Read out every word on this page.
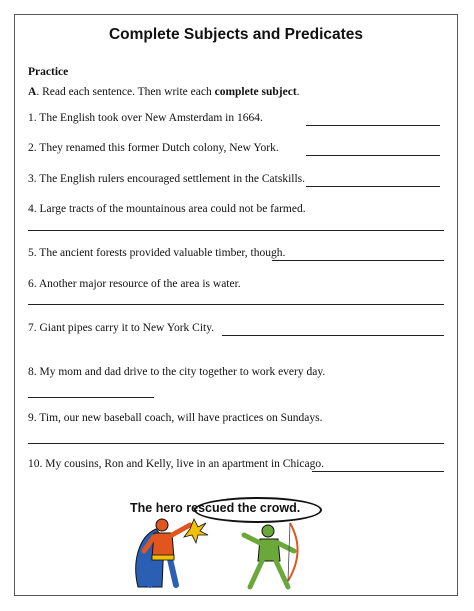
Complete Subjects and Predicates
Practice
A. Read each sentence. Then write each complete subject.
1. The English took over New Amsterdam in 1664.
2. They renamed this former Dutch colony, New York.
3. The English rulers encouraged settlement in the Catskills.
4. Large tracts of the mountainous area could not be farmed.
5. The ancient forests provided valuable timber, though.
6. Another major resource of the area is water.
7. Giant pipes carry it to New York City.
8. My mom and dad drive to the city together to work every day.
9. Tim, our new baseball coach, will have practices on Sundays.
10. My cousins, Ron and Kelly, live in an apartment in Chicago.
The hero rescued the crowd.
